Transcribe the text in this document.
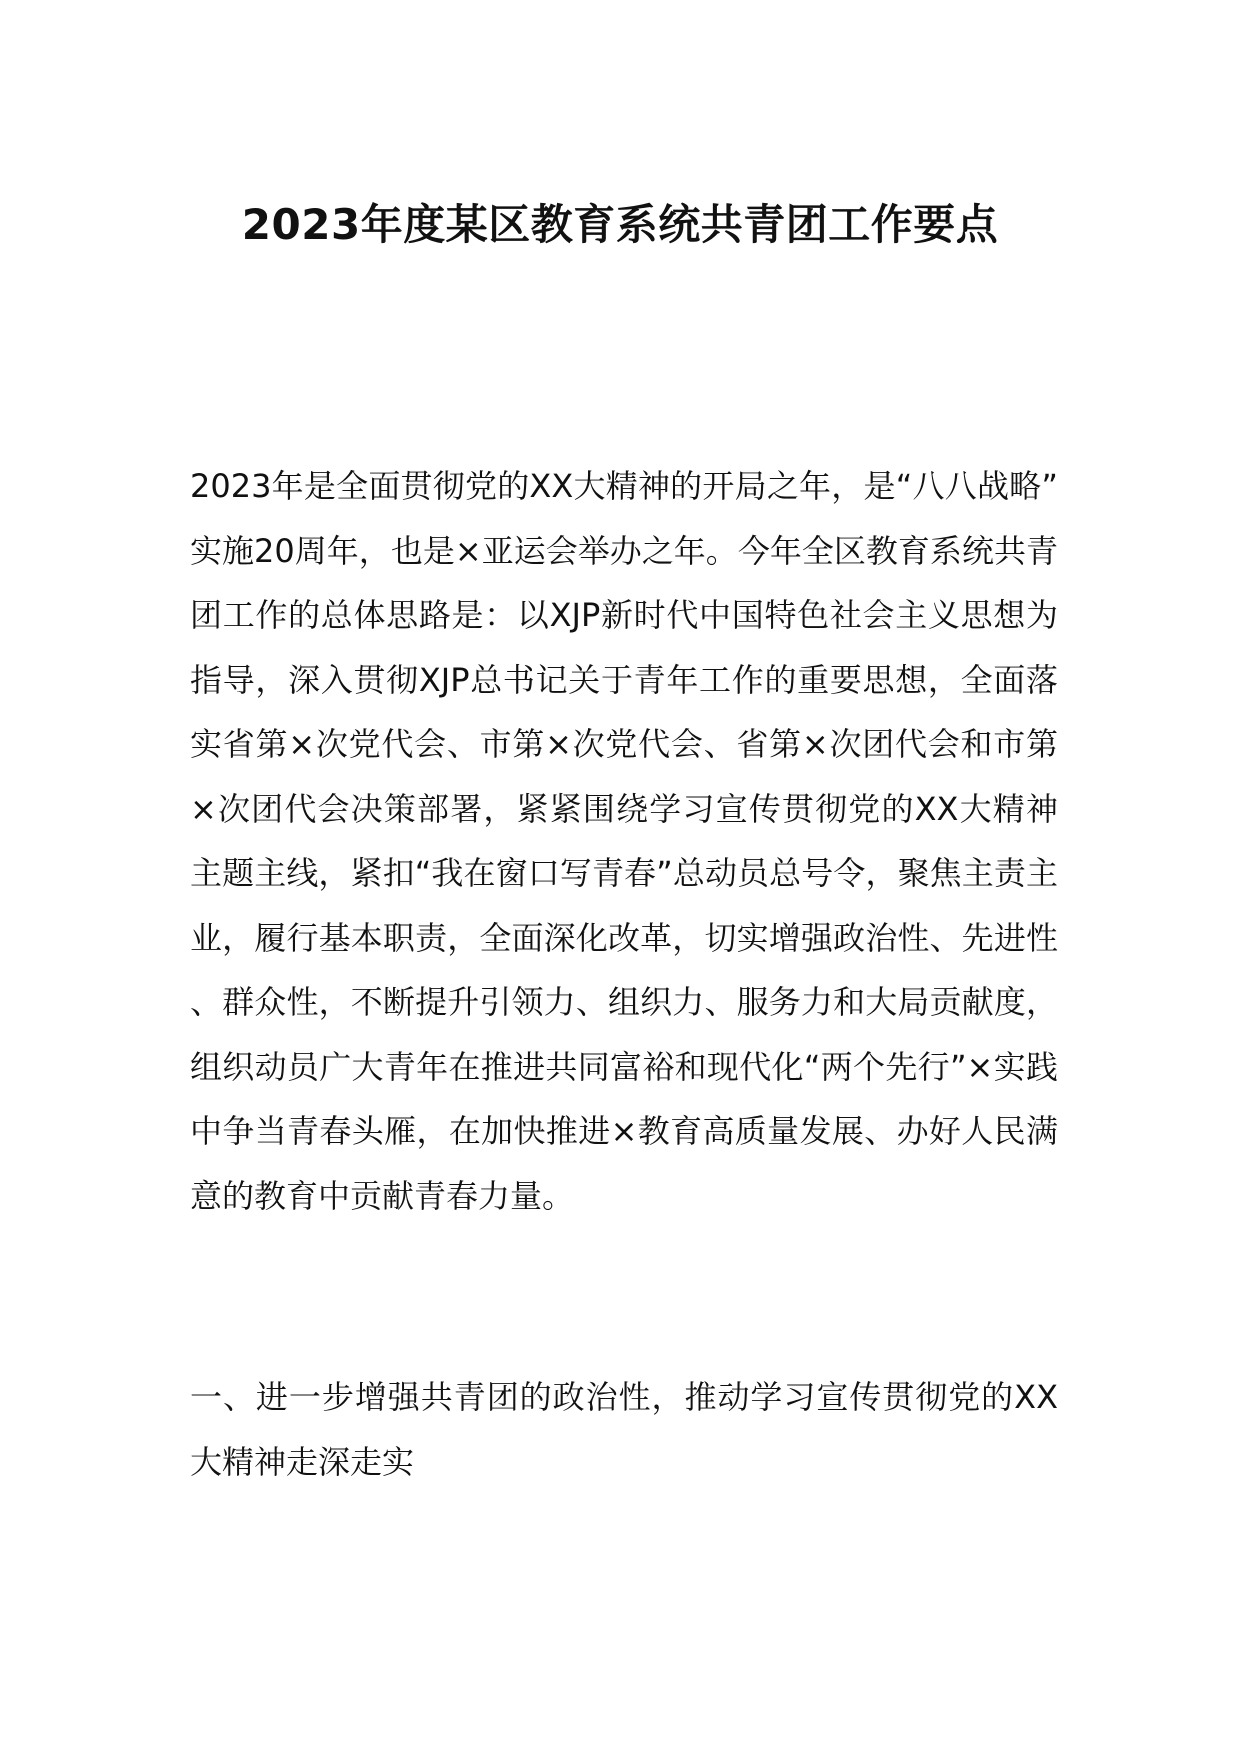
2023年度某区教育系统共青团工作要点

2023年是全面贯彻党的XX大精神的开局之年，是“八八战略”实施20周年，也是×亚运会举办之年。今年全区教育系统共青团工作的总体思路是：以XJP新时代中国特色社会主义思想为指导，深入贯彻XJP总书记关于青年工作的重要思想，全面落实省第×次党代会、市第×次党代会、省第×次团代会和市第×次团代会决策部署，紧紧围绕学习宣传贯彻党的XX大精神主题主线，紧扣“我在窗口写青春”总动员总号令，聚焦主责主业，履行基本职责，全面深化改革，切实增强政治性、先进性、群众性，不断提升引领力、组织力、服务力和大局贡献度，组织动员广大青年在推进共同富裕和现代化“两个先行”×实践中争当青春头雁，在加快推进×教育高质量发展、办好人民满意的教育中贡献青春力量。

一、进一步增强共青团的政治性，推动学习宣传贯彻党的XX大精神走深走实
